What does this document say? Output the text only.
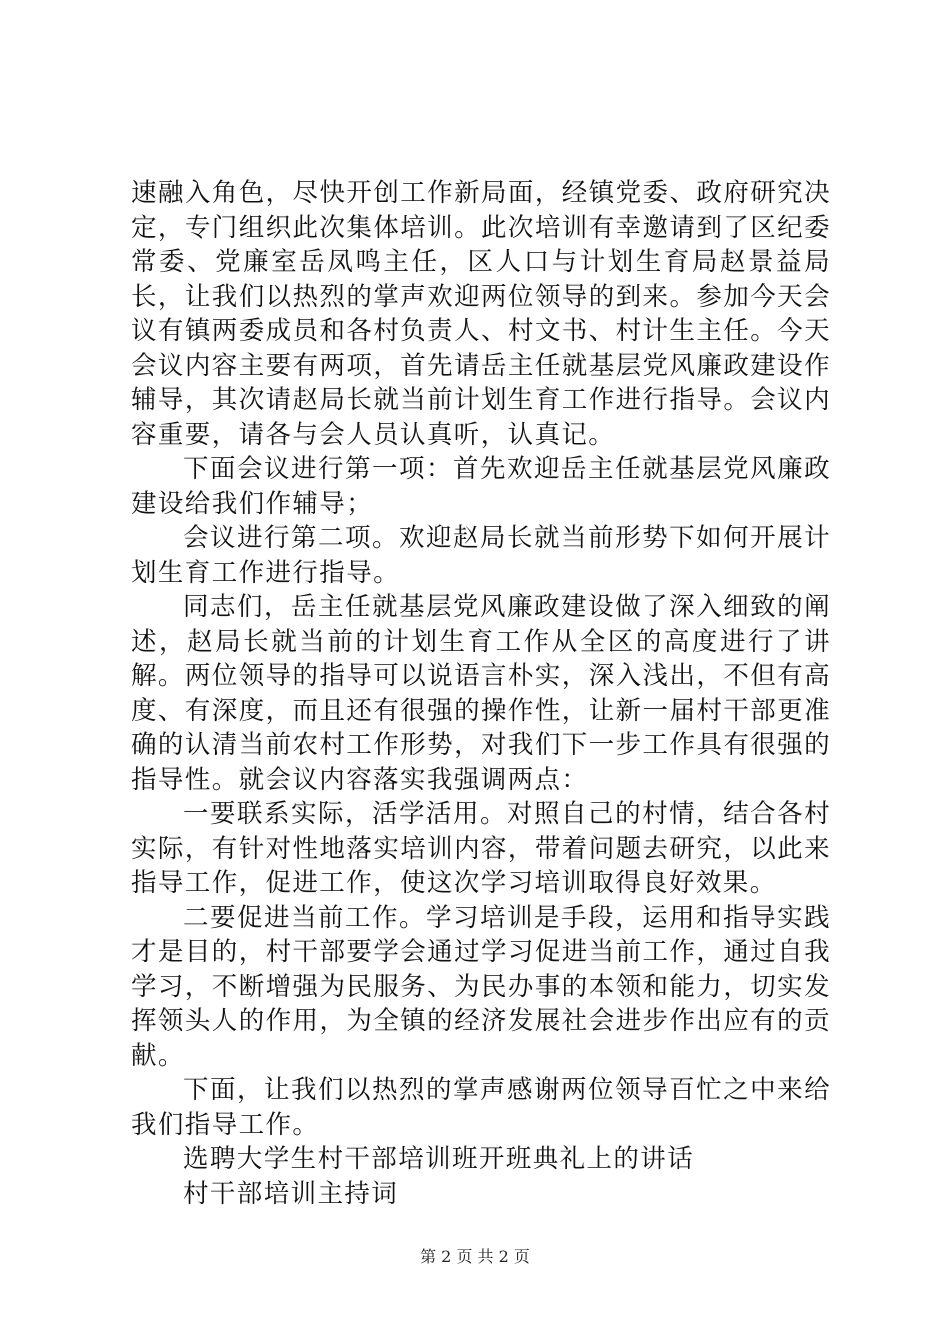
速融入角色，尽快开创工作新局面，经镇党委、政府研究决定，专门组织此次集体培训。此次培训有幸邀请到了区纪委常委、党廉室岳凤鸣主任，区人口与计划生育局赵景益局长，让我们以热烈的掌声欢迎两位领导的到来。参加今天会议有镇两委成员和各村负责人、村文书、村计生主任。今天会议内容主要有两项，首先请岳主任就基层党风廉政建设作辅导，其次请赵局长就当前计划生育工作进行指导。会议内容重要，请各与会人员认真听，认真记。

下面会议进行第一项：首先欢迎岳主任就基层党风廉政建设给我们作辅导；

会议进行第二项。欢迎赵局长就当前形势下如何开展计划生育工作进行指导。

同志们，岳主任就基层党风廉政建设做了深入细致的阐述，赵局长就当前的计划生育工作从全区的高度进行了讲解。两位领导的指导可以说语言朴实，深入浅出，不但有高度、有深度，而且还有很强的操作性，让新一届村干部更准确的认清当前农村工作形势，对我们下一步工作具有很强的指导性。就会议内容落实我强调两点：

一要联系实际，活学活用。对照自己的村情，结合各村实际，有针对性地落实培训内容，带着问题去研究，以此来指导工作，促进工作，使这次学习培训取得良好效果。

二要促进当前工作。学习培训是手段，运用和指导实践才是目的，村干部要学会通过学习促进当前工作，通过自我学习，不断增强为民服务、为民办事的本领和能力，切实发挥领头人的作用，为全镇的经济发展社会进步作出应有的贡献。

下面，让我们以热烈的掌声感谢两位领导百忙之中来给我们指导工作。

选聘大学生村干部培训班开班典礼上的讲话

村干部培训主持词

第 2 页 共 2 页
